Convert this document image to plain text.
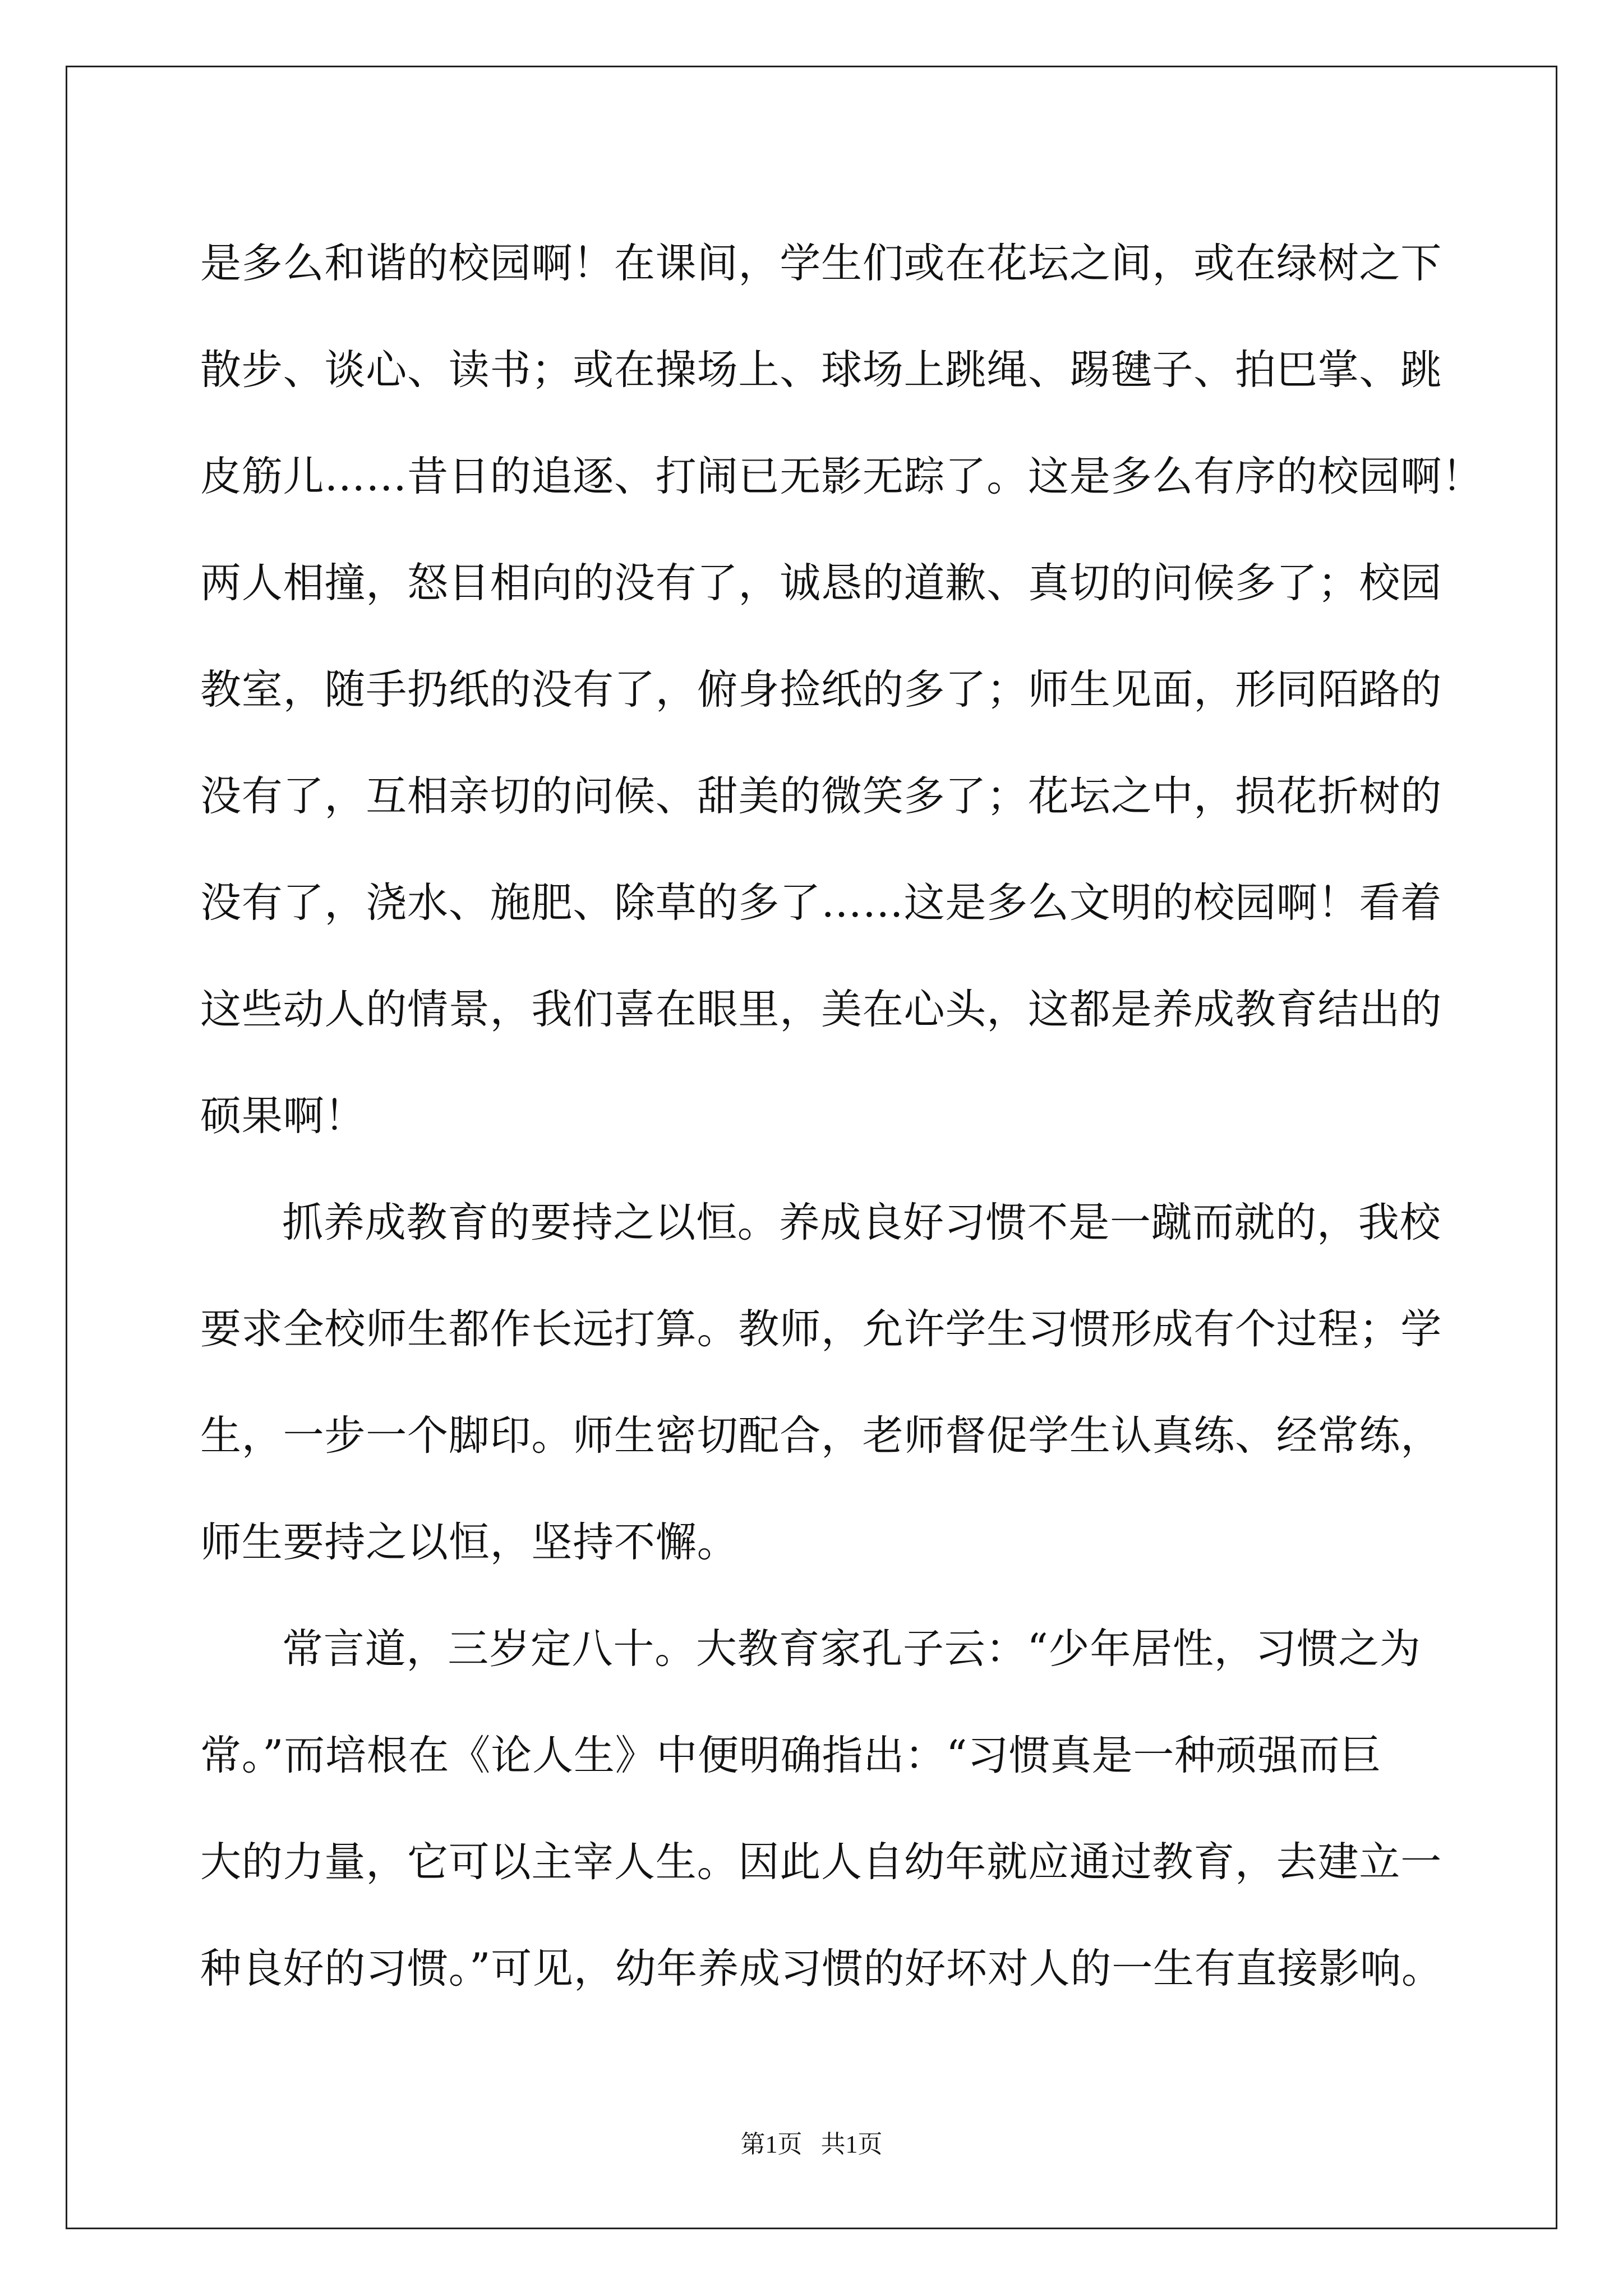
是多么和谐的校园啊！在课间，学生们或在花坛之间，或在绿树之下
散步、谈心、读书；或在操场上、球场上跳绳、踢毽子、拍巴掌、跳
皮筋儿……昔日的追逐、打闹已无影无踪了。这是多么有序的校园啊！
两人相撞，怒目相向的没有了，诚恳的道歉、真切的问候多了；校园
教室，随手扔纸的没有了，俯身捡纸的多了；师生见面，形同陌路的
没有了，互相亲切的问候、甜美的微笑多了；花坛之中，损花折树的
没有了，浇水、施肥、除草的多了……这是多么文明的校园啊！看着
这些动人的情景，我们喜在眼里，美在心头，这都是养成教育结出的
硕果啊！
抓养成教育的要持之以恒。养成良好习惯不是一蹴而就的，我校
要求全校师生都作长远打算。教师，允许学生习惯形成有个过程；学
生，一步一个脚印。师生密切配合，老师督促学生认真练、经常练，
师生要持之以恒，坚持不懈。
常言道，三岁定八十。大教育家孔子云：“少年居性，习惯之为
常。”而培根在《论人生》中便明确指出：“习惯真是一种顽强而巨
大的力量，它可以主宰人生。因此人自幼年就应通过教育，去建立一
种良好的习惯。”可见，幼年养成习惯的好坏对人的一生有直接影响。
第1页   共1页
